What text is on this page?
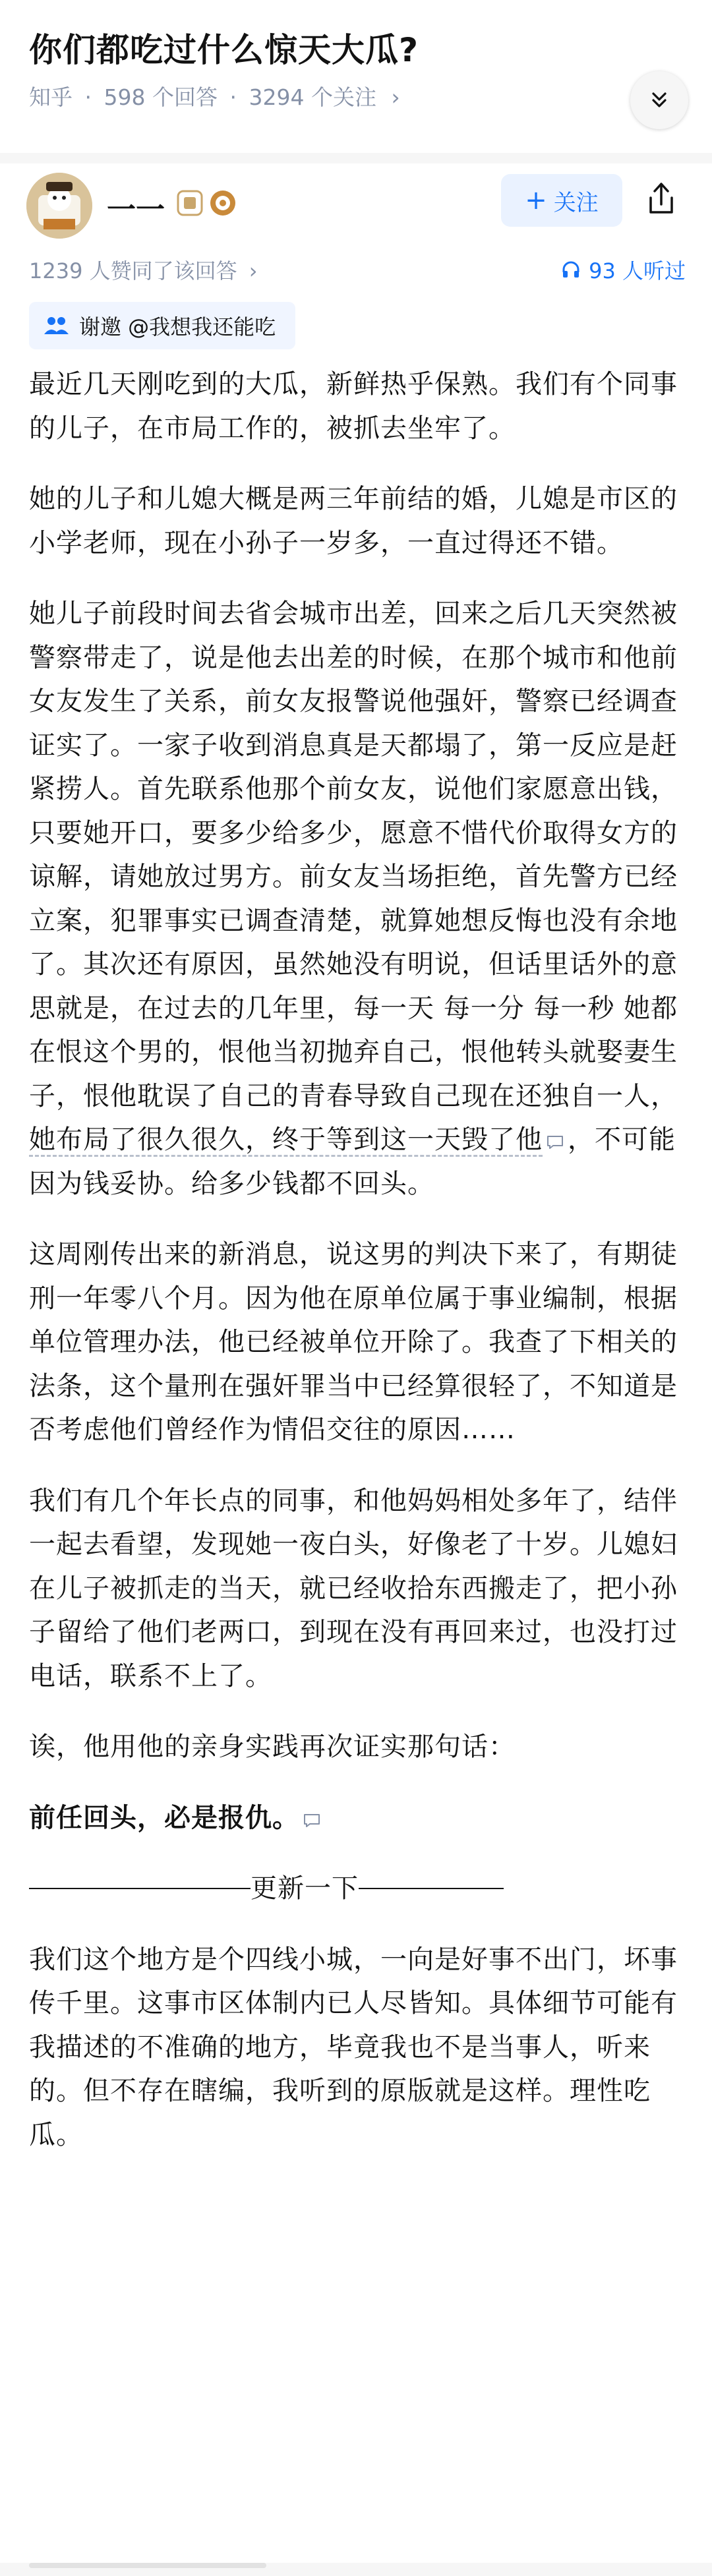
你们都吃过什么惊天大瓜?
知乎 · 598 个回答 · 3294 个关注 ›
一一	+ 关注
1239 人赞同了该回答 ›	93 人听过
谢邀 @我想我还能吃

最近几天刚吃到的大瓜，新鲜热乎保熟。我们有个同事的儿子，在市局工作的，被抓去坐牢了。

她的儿子和儿媳大概是两三年前结的婚，儿媳是市区的小学老师，现在小孙子一岁多，一直过得还不错。

她儿子前段时间去省会城市出差，回来之后几天突然被警察带走了，说是他去出差的时候，在那个城市和他前女友发生了关系，前女友报警说他强奸，警察已经调查证实了。一家子收到消息真是天都塌了，第一反应是赶紧捞人。首先联系他那个前女友，说他们家愿意出钱，只要她开口，要多少给多少，愿意不惜代价取得女方的谅解，请她放过男方。前女友当场拒绝，首先警方已经立案，犯罪事实已调查清楚，就算她想反悔也没有余地了。其次还有原因，虽然她没有明说，但话里话外的意思就是，在过去的几年里，每一天 每一分 每一秒 她都在恨这个男的，恨他当初抛弃自己，恨他转头就娶妻生子，恨他耽误了自己的青春导致自己现在还独自一人， 她布局了很久很久，终于等到这一天毁了他 ，不可能因为钱妥协。给多少钱都不回头。

这周刚传出来的新消息，说这男的判决下来了，有期徒刑一年零八个月。因为他在原单位属于事业编制，根据单位管理办法，他已经被单位开除了。我查了下相关的法条，这个量刑在强奸罪当中已经算很轻了，不知道是否考虑他们曾经作为情侣交往的原因……

我们有几个年长点的同事，和他妈妈相处多年了，结伴一起去看望，发现她一夜白头，好像老了十岁。儿媳妇在儿子被抓走的当天，就已经收拾东西搬走了，把小孙子留给了他们老两口，到现在没有再回来过，也没打过电话，联系不上了。

诶，他用他的亲身实践再次证实那句话：

前任回头，必是报仇。

更新一下

我们这个地方是个四线小城，一向是好事不出门，坏事传千里。这事市区体制内已人尽皆知。具体细节可能有我描述的不准确的地方，毕竟我也不是当事人，听来的。但不存在瞎编，我听到的原版就是这样。理性吃瓜。
